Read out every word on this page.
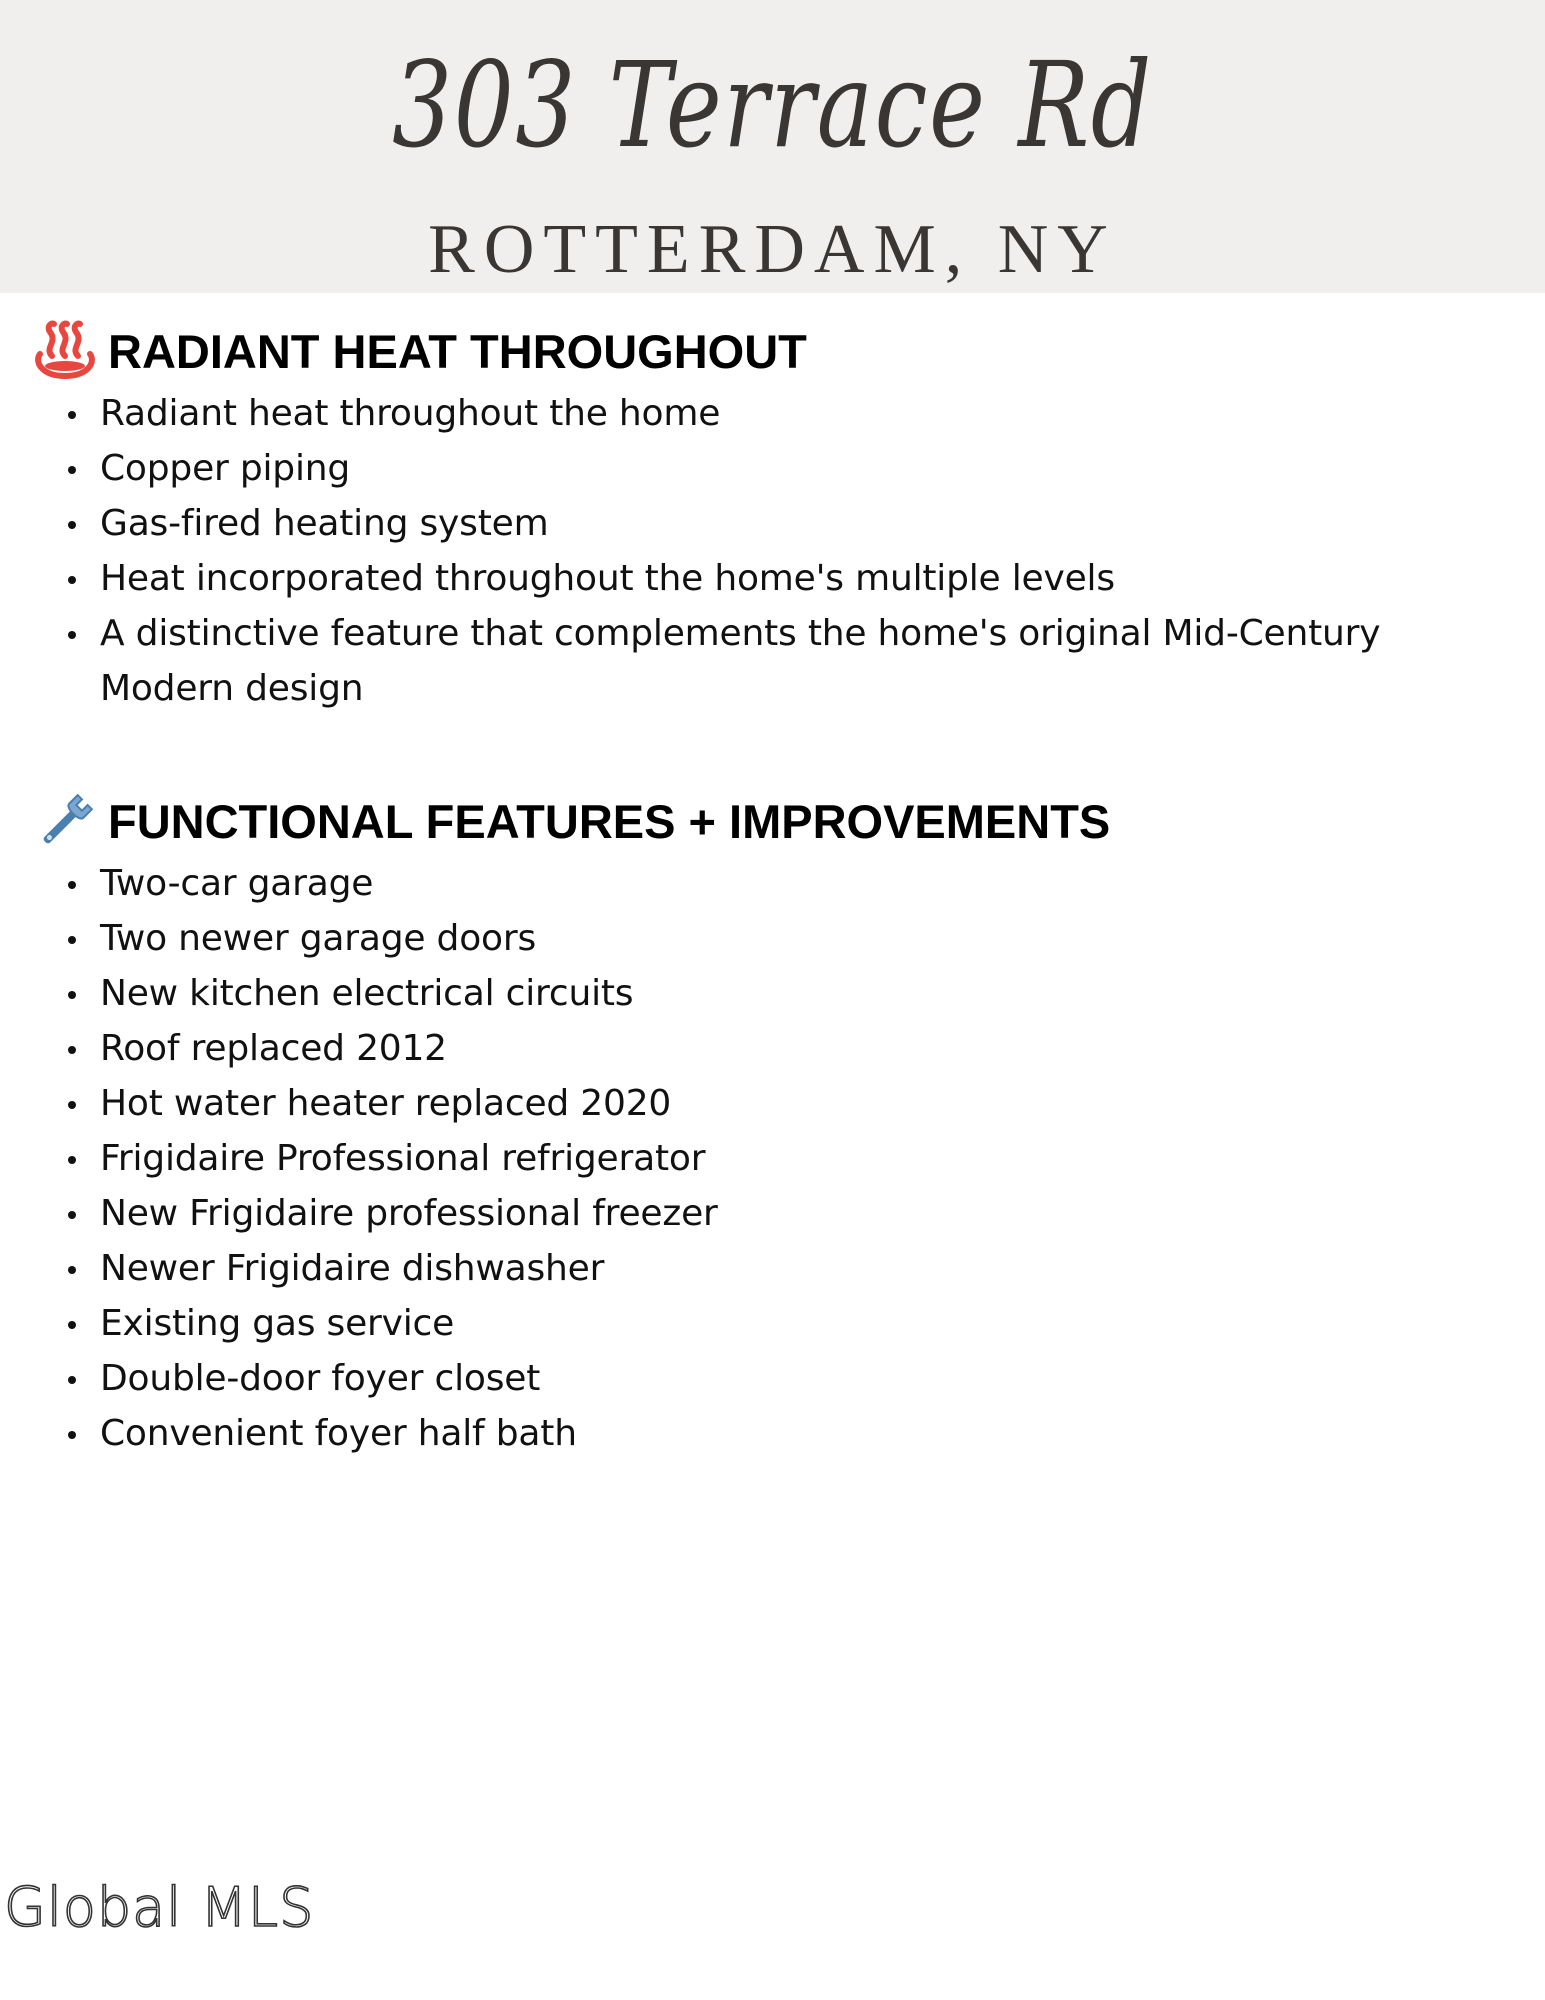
303 Terrace Rd
ROTTERDAM, NY
RADIANT HEAT THROUGHOUT
Radiant heat throughout the home
Copper piping
Gas-fired heating system
Heat incorporated throughout the home's multiple levels
A distinctive feature that complements the home's original Mid-Century Modern design
FUNCTIONAL FEATURES + IMPROVEMENTS
Two-car garage
Two newer garage doors
New kitchen electrical circuits
Roof replaced 2012
Hot water heater replaced 2020
Frigidaire Professional refrigerator
New Frigidaire professional freezer
Newer Frigidaire dishwasher
Existing gas service
Double-door foyer closet
Convenient foyer half bath
Global MLS
